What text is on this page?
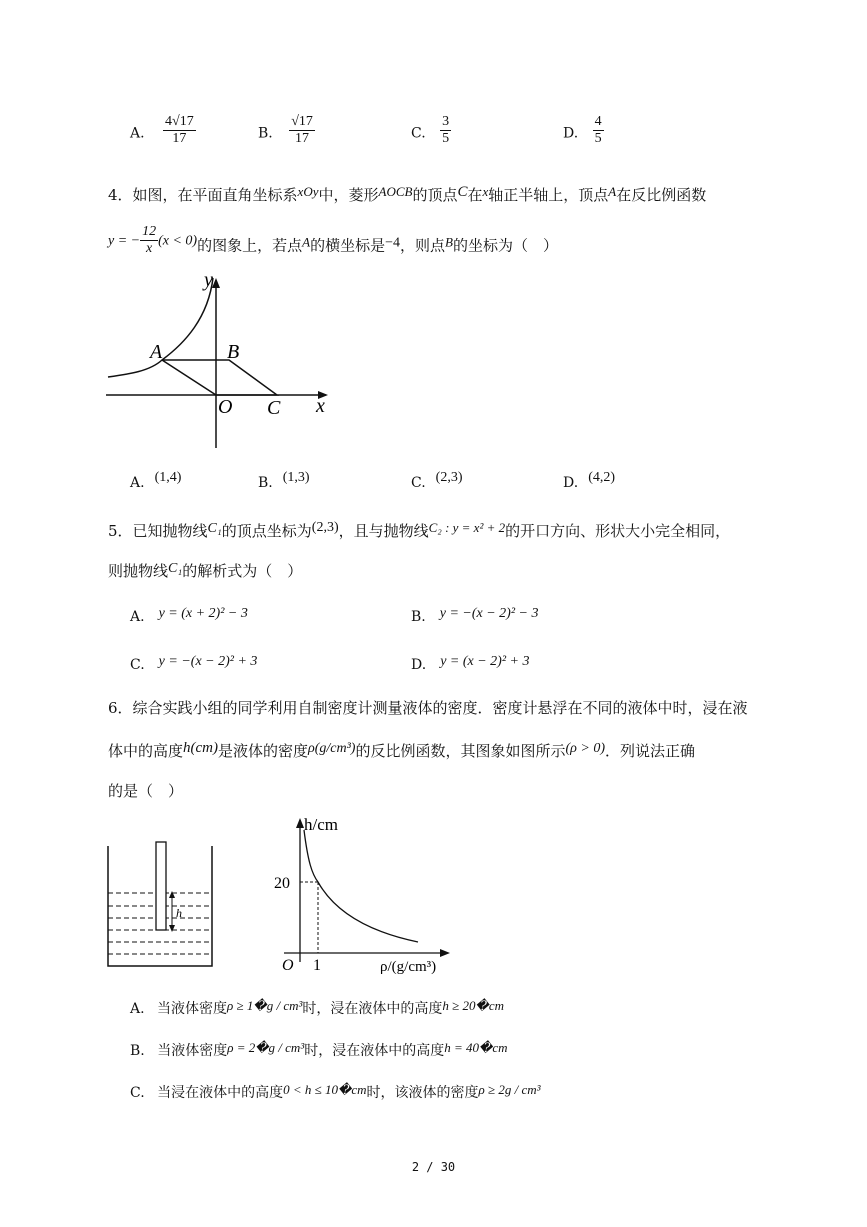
A. $\frac{4√17}{17}$	B. $\frac{√17}{17}$	C. $\frac{3}{5}$	D. $\frac{4}{5}$
4．如图，在平面直角坐标系xOy中，菱形AOCB的顶点C在x轴正半轴上，顶点A在反比例函数
y = − $\frac{12}{x} (x < 0)$的图象上，若点A的横坐标是−4，则点B的坐标为（　）
y
x
A	B
O C
A. (1,4)	B. (1,3)	C. (2,3)	D. (4,2)
5．已知抛物线C₁的顶点坐标为(2,3)，且与抛物线C₂ : y = x² + 2的开口方向、形状大小完全相同，
则抛物线C₁的解析式为（　）
A. y = (x + 2)² − 3	B. y = −(x − 2)² − 3
C. y = −(x − 2)² + 3	D. y = (x − 2)² + 3
6．综合实践小组的同学利用自制密度计测量液体的密度．密度计悬浮在不同的液体中时，浸在液
体中的高度h(cm)是液体的密度ρ(g/cm³)的反比例函数，其图象如图所示(ρ > 0)．列说法正确
的是（　）
h
h/cm
20
O 1	ρ/(g/cm³)
A. 当液体密度ρ ≥ 1�g / cm³时，浸在液体中的高度h ≥ 20�cm
B. 当液体密度ρ = 2�g / cm³时，浸在液体中的高度h = 40�cm
C. 当浸在液体中的高度0 < h ≤ 10�cm时，该液体的密度ρ ≥ 2g / cm³
2 / 30
